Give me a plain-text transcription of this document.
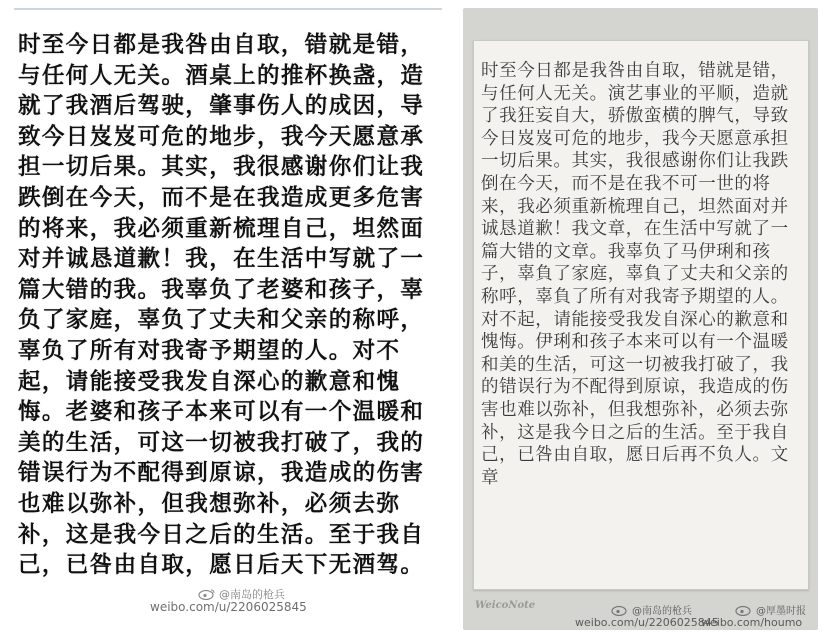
时至今日都是我咎由自取，错就是错，与任何人无关。酒桌上的推杯换盏，造就了我酒后驾驶，肇事伤人的成因，导致今日岌岌可危的地步，我今天愿意承担一切后果。其实，我很感谢你们让我跌倒在今天，而不是在我造成更多危害的将来，我必须重新梳理自己，坦然面对并诚恳道歉！我，在生活中写就了一篇大错的我。我辜负了老婆和孩子，辜负了家庭，辜负了丈夫和父亲的称呼，辜负了所有对我寄予期望的人。对不起，请能接受我发自深心的歉意和愧悔。老婆和孩子本来可以有一个温暖和美的生活，可这一切被我打破了，我的错误行为不配得到原谅，我造成的伤害也难以弥补，但我想弥补，必须去弥补，这是我今日之后的生活。至于我自己，已咎由自取，愿日后天下无酒驾。
@南岛的枪兵
weibo.com/u/2206025845
时至今日都是我咎由自取，错就是错，与任何人无关。演艺事业的平顺，造就了我狂妄自大，骄傲蛮横的脾气，导致今日岌岌可危的地步，我今天愿意承担一切后果。其实，我很感谢你们让我跌倒在今天，而不是在我不可一世的将来，我必须重新梳理自己，坦然面对并诚恳道歉！我文章，在生活中写就了一篇大错的文章。我辜负了马伊琍和孩子，辜負了家庭，辜負了丈夫和父亲的称呼，辜負了所有对我寄予期望的人。对不起，请能接受我发自深心的歉意和愧悔。伊琍和孩子本来可以有一个温暖和美的生活，可这一切被我打破了，我的错误行为不配得到原谅，我造成的伤害也难以弥补，但我想弥补，必须去弥补，这是我今日之后的生活。至于我自己，已咎由自取，愿日后再不负人。文章
WeicoNote
@南岛的枪兵
weibo.com/u/2206025845
@厚墨时报
weibo.com/houmo
